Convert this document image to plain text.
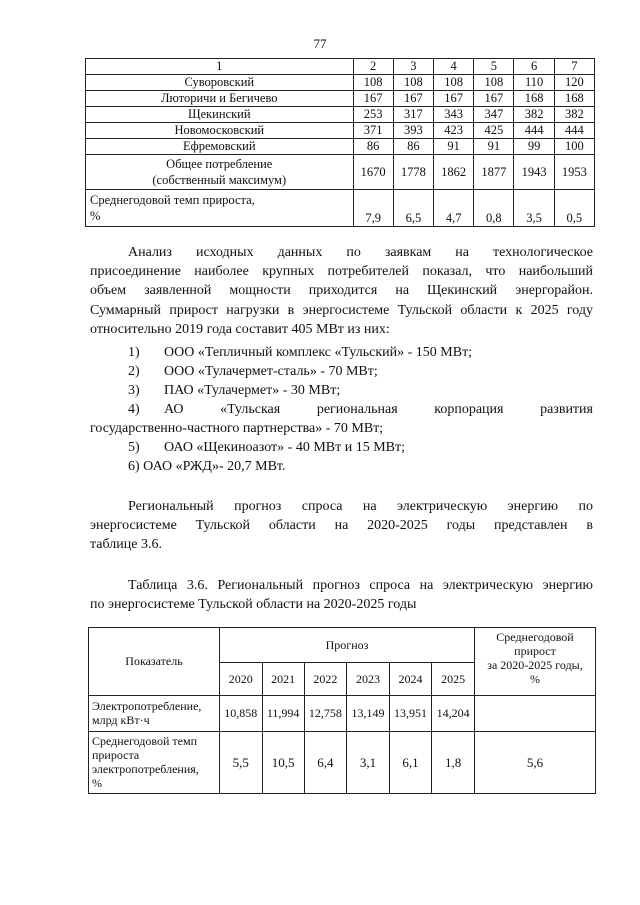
77
1	2	3	4	5	6	7
Суворовский	108	108	108	108	110	120
Люторичи и Бегичево	167	167	167	167	168	168
Щекинский	253	317	343	347	382	382
Новомосковский	371	393	423	425	444	444
Ефремовский	86	86	91	91	99	100

Общее потребление
(собственный максимум)	1670	1778	1862	1877	1943	1953

Среднегодовой темп прироста,
%	7,9	6,5	4,7	0,8	3,5	0,5
Анализ исходных данных по заявкам на технологическое
присоединение наиболее крупных потребителей показал, что наибольший
объем заявленной мощности приходится на Щекинский энергорайон.
Суммарный прирост нагрузки в энергосистеме Тульской области к 2025 году
относительно 2019 года составит 405 МВт из них:
1) ООО «Тепличный комплекс «Тульский» - 150 МВт;
2) ООО «Тулачермет-сталь» - 70 МВт;
3) ПАО «Тулачермет» - 30 МВт;
4)	АО «Тульская региональная корпорация развития
государственно-частного партнерства» - 70 МВт;
5) ОАО «Щекиноазот» - 40 МВт и 15 МВт;
6) ОАО «РЖД»- 20,7 МВт.
Региональный прогноз спроса на электрическую энергию по
энергосистеме Тульской области на 2020-2025 годы представлен в
таблице 3.6.
Таблица 3.6. Региональный прогноз спроса на электрическую энергию
по энергосистеме Тульской области на 2020-2025 годы
Показатель	Прогноз						Среднегодовой
прирост
за 2020-2025 годы,
%

	2020	2021	2022	2023	2024	2025	

Электропотребление,
млрд кВт·ч	10,858	11,994	12,758	13,149	13,951	14,204	

Среднегодовой темп
прироста
электропотребления,
%	5,5	10,5	6,4	3,1	6,1	1,8	5,6
